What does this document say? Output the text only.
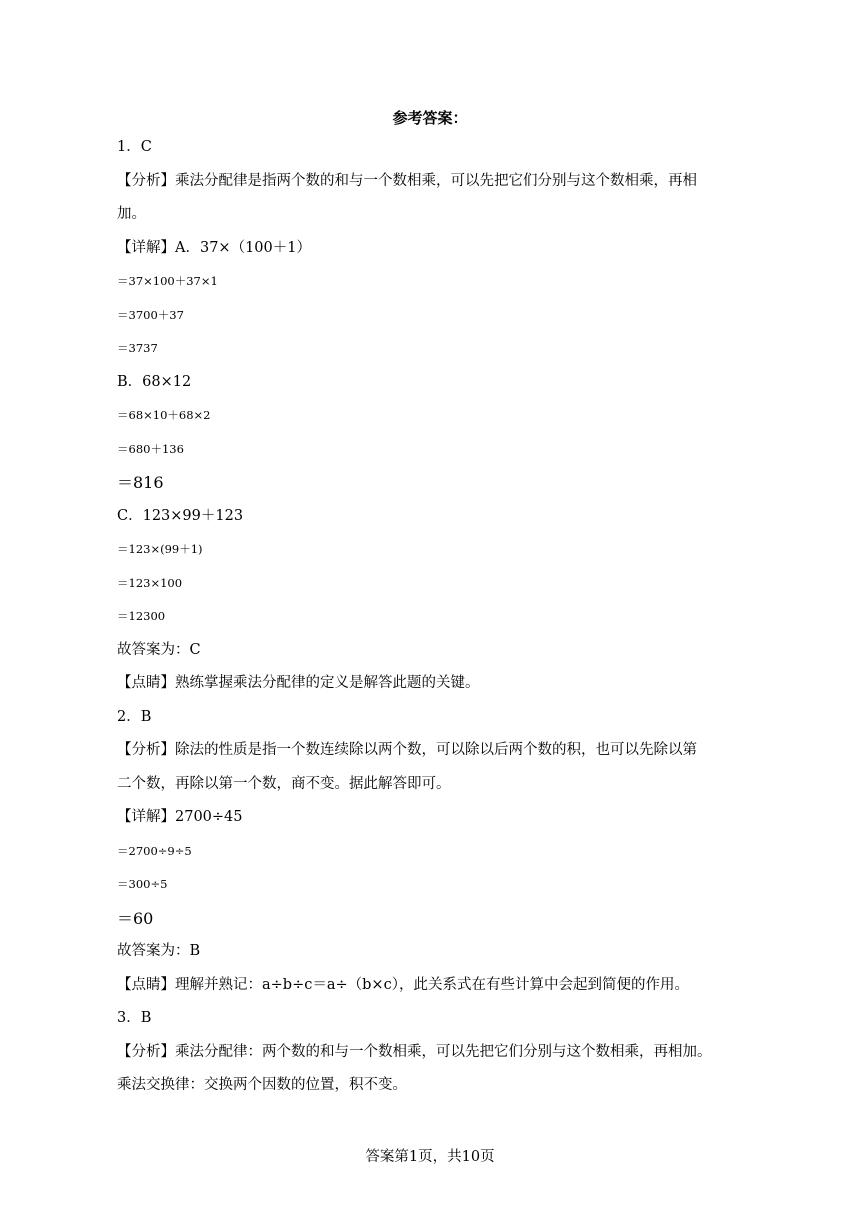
参考答案：
1．C
【分析】乘法分配律是指两个数的和与一个数相乘，可以先把它们分别与这个数相乘，再相
加。
【详解】A．37×（100＋1）
＝37×100＋37×1
＝3700＋37
＝3737
B．68×12
＝68×10＋68×2
＝680＋136
＝816
C．123×99＋123
＝123×(99＋1)
＝123×100
＝12300
故答案为：C
【点睛】熟练掌握乘法分配律的定义是解答此题的关键。
2．B
【分析】除法的性质是指一个数连续除以两个数，可以除以后两个数的积，也可以先除以第
二个数，再除以第一个数，商不变。据此解答即可。
【详解】2700÷45
＝2700÷9÷5
＝300÷5
＝60
故答案为：B
【点睛】理解并熟记：a÷b÷c＝a÷（b×c），此关系式在有些计算中会起到简便的作用。
3．B
【分析】乘法分配律：两个数的和与一个数相乘，可以先把它们分别与这个数相乘，再相加。
乘法交换律：交换两个因数的位置，积不变。
答案第1页，共10页
